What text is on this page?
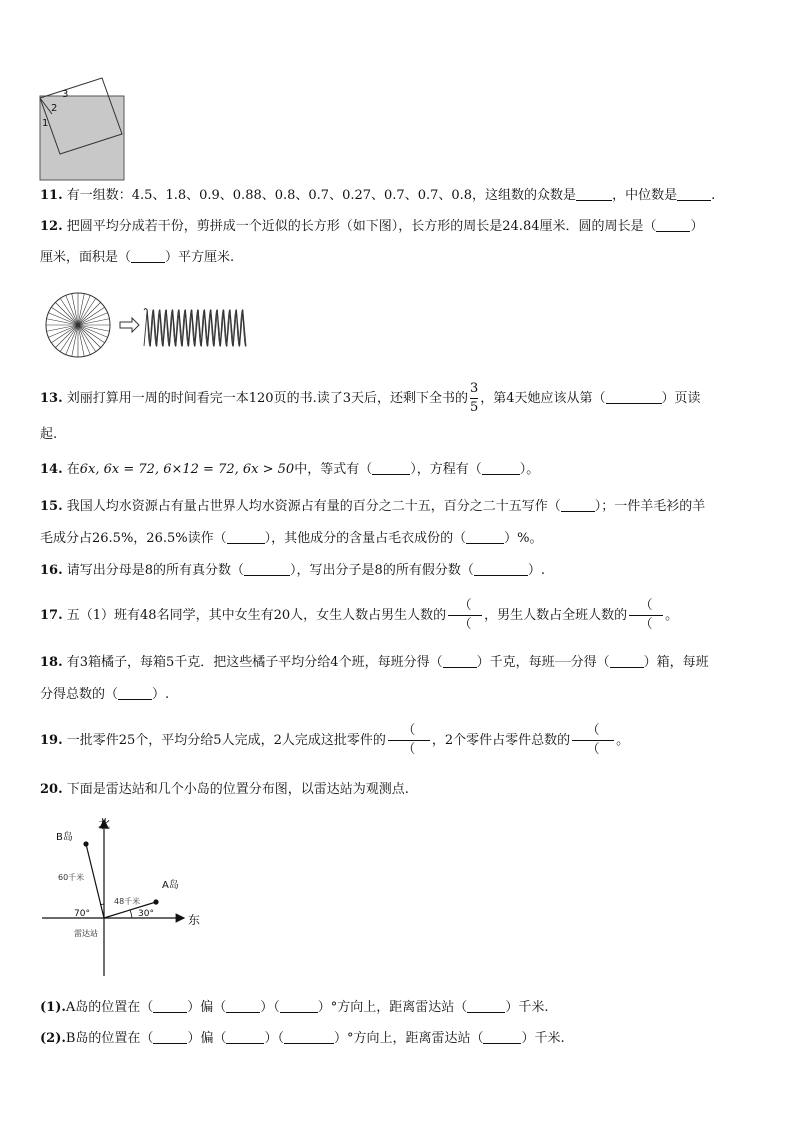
1
2
3
11. 有一组数：4.5、1.8、0.9、0.88、0.8、0.7、0.27、0.7、0.7、0.8，这组数的众数是	，中位数是	.
12. 把圆平均分成若干份，剪拼成一个近似的长方形（如下图），长方形的周长是24.84厘米．圆的周长是（	）
厘米，面积是（	）平方厘米.
13. 刘丽打算用一周的时间看完一本120页的书.读了3天后，还剩下全书的 $\frac{3}{5}$ ，第4天她应该从第（	）页读
起.
14. 在6x, 6x = 72, 6×12 = 72, 6x > 50中，等式有（	），方程有（	）。
15. 我国人均水资源占有量占世界人均水资源占有量的百分之二十五，百分之二十五写作（	）；一件羊毛衫的羊
毛成分占26.5%，26.5%读作（	），其他成分的含量占毛衣成份的（	）%。
16. 请写出分母是8的所有真分数（	），写出分子是8的所有假分数（	）.
17. 五（1）班有48名同学，其中女生有20人，女生人数占男生人数的 $\frac{(}{(}$ ，男生人数占全班人数的 $\frac{(}{(}$ 。
18. 有3箱橘子，每箱5千克．把这些橘子平均分给4个班，每班分得（	）千克，每班 分得（	）箱，每班
分得总数的（	）.
19. 一批零件25个，平均分给5人完成，2人完成这批零件的 $\frac{(}{(}$ ，2个零件占零件总数的 $\frac{(}{(}$ 。
20. 下面是雷达站和几个小岛的位置分布图，以雷达站为观测点.
北
东
B岛
60千米
A岛
48千米
70°	30°
雷达站
(1).A岛的位置在（	）偏（	）（	）°方向上，距离雷达站（	）千米.
(2).B岛的位置在（	）偏（	）（	）°方向上，距离雷达站（	）千米.
